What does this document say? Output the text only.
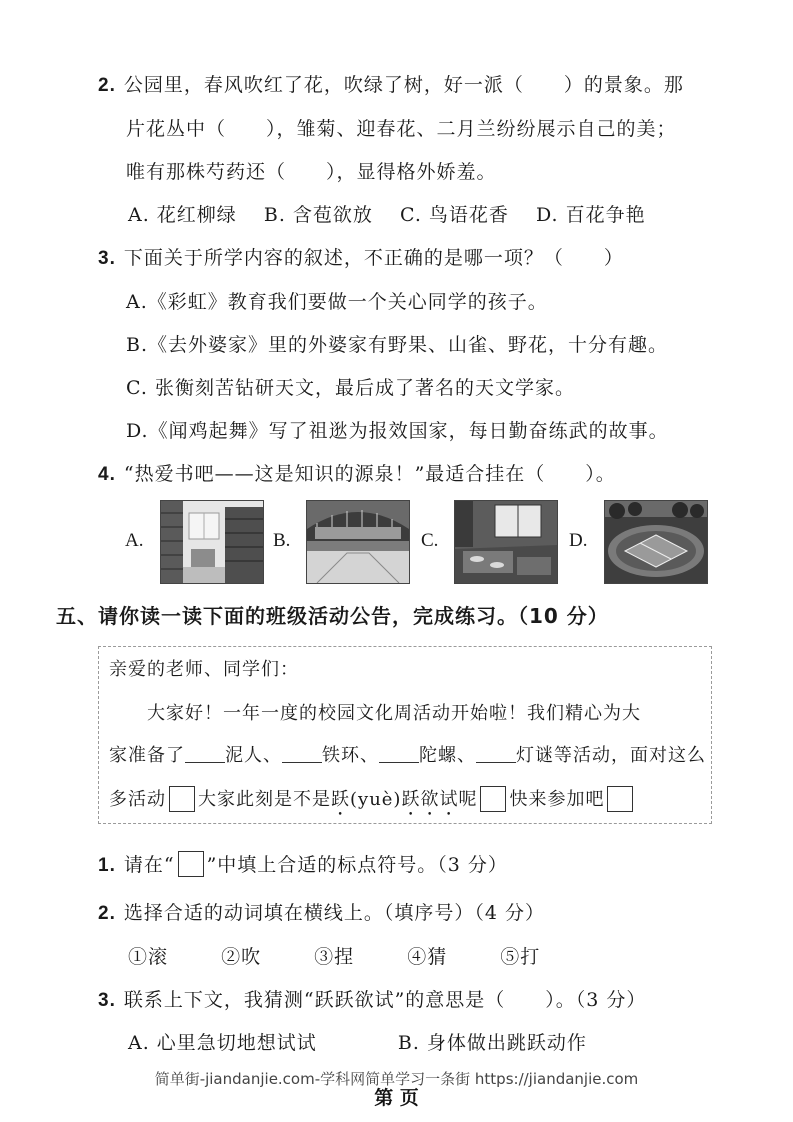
2. 公园里，春风吹红了花，吹绿了树，好一派（　　）的景象。那
片花丛中（　　），雏菊、迎春花、二月兰纷纷展示自己的美；
唯有那株芍药还（　　），显得格外娇羞。
A. 花红柳绿 B. 含苞欲放 C. 鸟语花香 D. 百花争艳
3. 下面关于所学内容的叙述，不正确的是哪一项？（　　）
A.《彩虹》教育我们要做一个关心同学的孩子。
B.《去外婆家》里的外婆家有野果、山雀、野花，十分有趣。
C. 张衡刻苦钻研天文，最后成了著名的天文学家。
D.《闻鸡起舞》写了祖逖为报效国家，每日勤奋练武的故事。
4. “热爱书吧——这是知识的源泉！”最适合挂在（　　）。
A.	B.	C.	D.
五、请你读一读下面的班级活动公告，完成练习。（10 分）
亲爱的老师、同学们：
大家好！一年一度的校园文化周活动开始啦！我们精心为大
家准备了 泥人、 铁环、 陀螺、 灯谜等活动，面对这么
多活动 大家此刻是不是跃(yuè)跃欲试呢 快来参加吧
1. 请在“ ”中填上合适的标点符号。（3 分）
2. 选择合适的动词填在横线上。（填序号）（4 分）
①滚	②吹	③捏	④猜	⑤打
3. 联系上下文，我猜测“跃跃欲试”的意思是（　　）。（3 分）
A. 心里急切地想试试	B. 身体做出跳跃动作
简单街-jiandanjie.com-学科网简单学习一条街 https://jiandanjie.com
第 页
